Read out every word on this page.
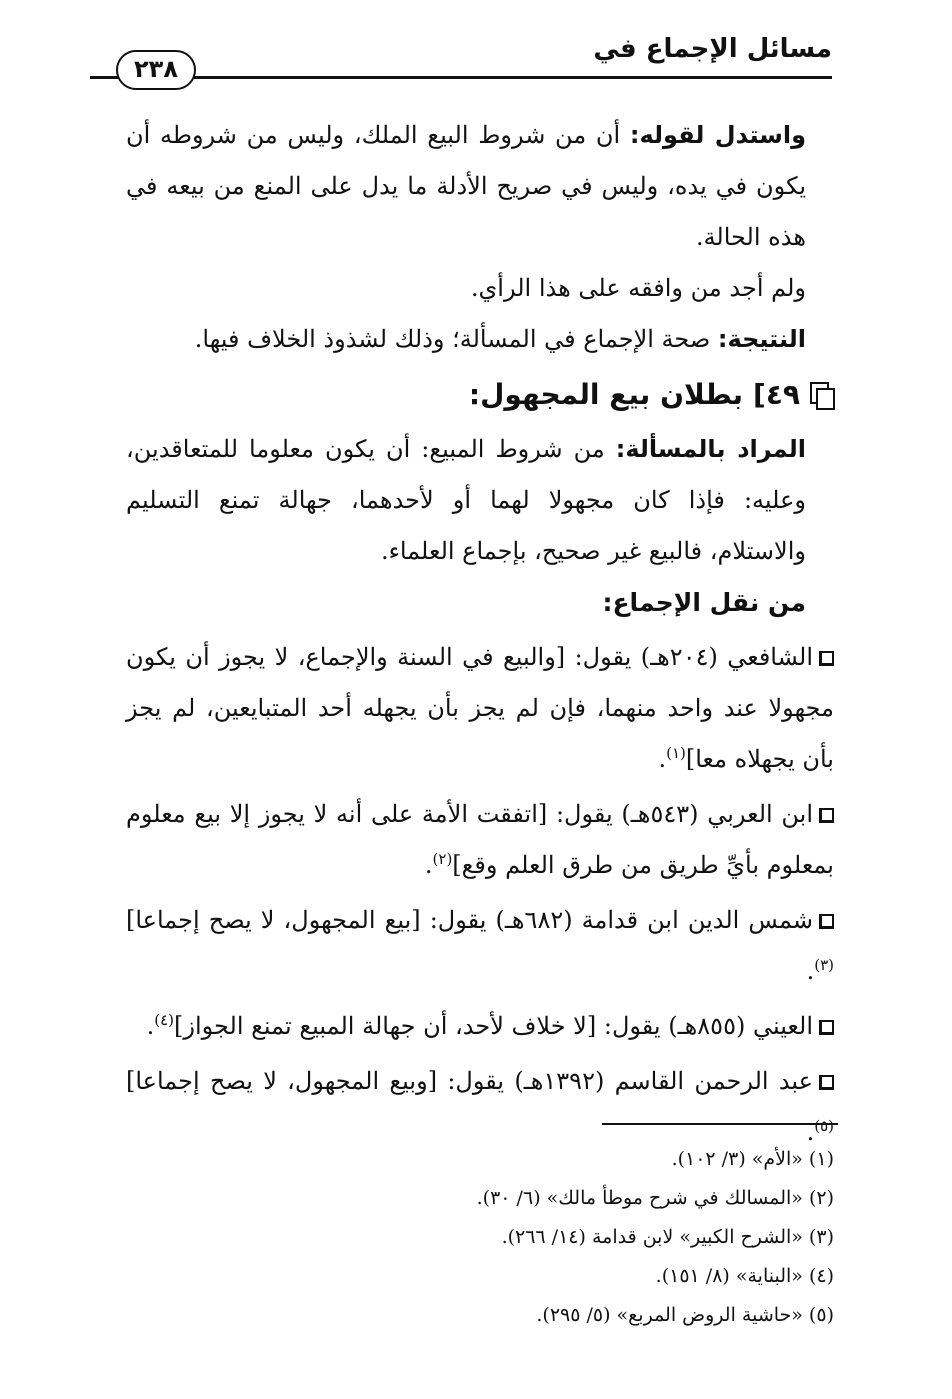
مسائل الإجماع في
٢٣٨

واستدل لقوله: أن من شروط البيع الملك، وليس من شروطه أن يكون في يده، وليس في صريح الأدلة ما يدل على المنع من بيعه في هذه الحالة.

ولم أجد من وافقه على هذا الرأي.

النتيجة: صحة الإجماع في المسألة؛ وذلك لشذوذ الخلاف فيها.

٤٩]
بطلان بيع المجهول:

المراد بالمسألة: من شروط المبيع: أن يكون معلوما للمتعاقدين، وعليه: فإذا كان مجهولا لهما أو لأحدهما، جهالة تمنع التسليم والاستلام، فالبيع غير صحيح، بإجماع العلماء.

من نقل الإجماع:

الشافعي (٢٠٤هـ) يقول: [والبيع في السنة والإجماع، لا يجوز أن يكون مجهولا عند واحد منهما، فإن لم يجز بأن يجهله أحد المتبايعين، لم يجز بأن يجهلاه معا]$^{(١)}$.

ابن العربي (٥٤٣هـ) يقول: [اتفقت الأمة على أنه لا يجوز إلا بيع معلوم بمعلوم بأيِّ طريق من طرق العلم وقع]$^{(٢)}$.

شمس الدين ابن قدامة (٦٨٢هـ) يقول: [بيع المجهول، لا يصح إجماعا]$^{(٣)}$.

العيني (٨٥٥هـ) يقول: [لا خلاف لأحد، أن جهالة المبيع تمنع الجواز]$^{(٤)}$.

عبد الرحمن القاسم (١٣٩٢هـ) يقول: [وبيع المجهول، لا يصح إجماعا]$^{(٥)}$.

(١) «الأم» (٣/ ١٠٢).

(٢) «المسالك في شرح موطأ مالك» (٦/ ٣٠).

(٣) «الشرح الكبير» لابن قدامة (١٤/ ٢٦٦).

(٤) «البناية» (٨/ ١٥١).

(٥) «حاشية الروض المربع» (٥/ ٢٩٥).
